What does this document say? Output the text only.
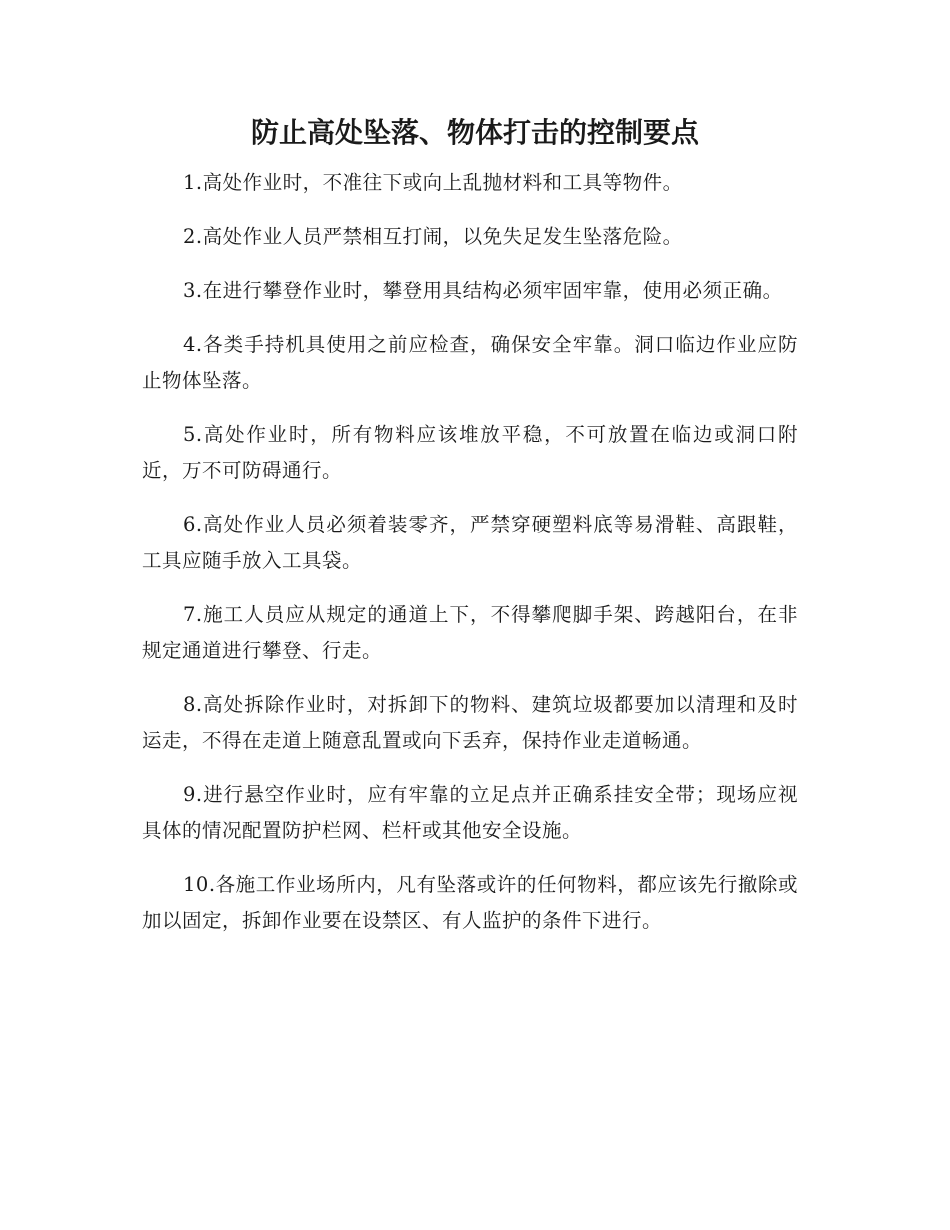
防止高处坠落、物体打击的控制要点

1.高处作业时，不准往下或向上乱抛材料和工具等物件。

2.高处作业人员严禁相互打闹，以免失足发生坠落危险。

3.在进行攀登作业时，攀登用具结构必须牢固牢靠，使用必须正确。

4.各类手持机具使用之前应检查，确保安全牢靠。洞口临边作业应防止物体坠落。

5.高处作业时，所有物料应该堆放平稳，不可放置在临边或洞口附近，万不可防碍通行。

6.高处作业人员必须着装零齐，严禁穿硬塑料底等易滑鞋、高跟鞋，工具应随手放入工具袋。

7.施工人员应从规定的通道上下，不得攀爬脚手架、跨越阳台，在非规定通道进行攀登、行走。

8.高处拆除作业时，对拆卸下的物料、建筑垃圾都要加以清理和及时运走，不得在走道上随意乱置或向下丢弃，保持作业走道畅通。

9.进行悬空作业时，应有牢靠的立足点并正确系挂安全带；现场应视具体的情况配置防护栏网、栏杆或其他安全设施。

10.各施工作业场所内，凡有坠落或许的任何物料，都应该先行撤除或加以固定，拆卸作业要在设禁区、有人监护的条件下进行。
